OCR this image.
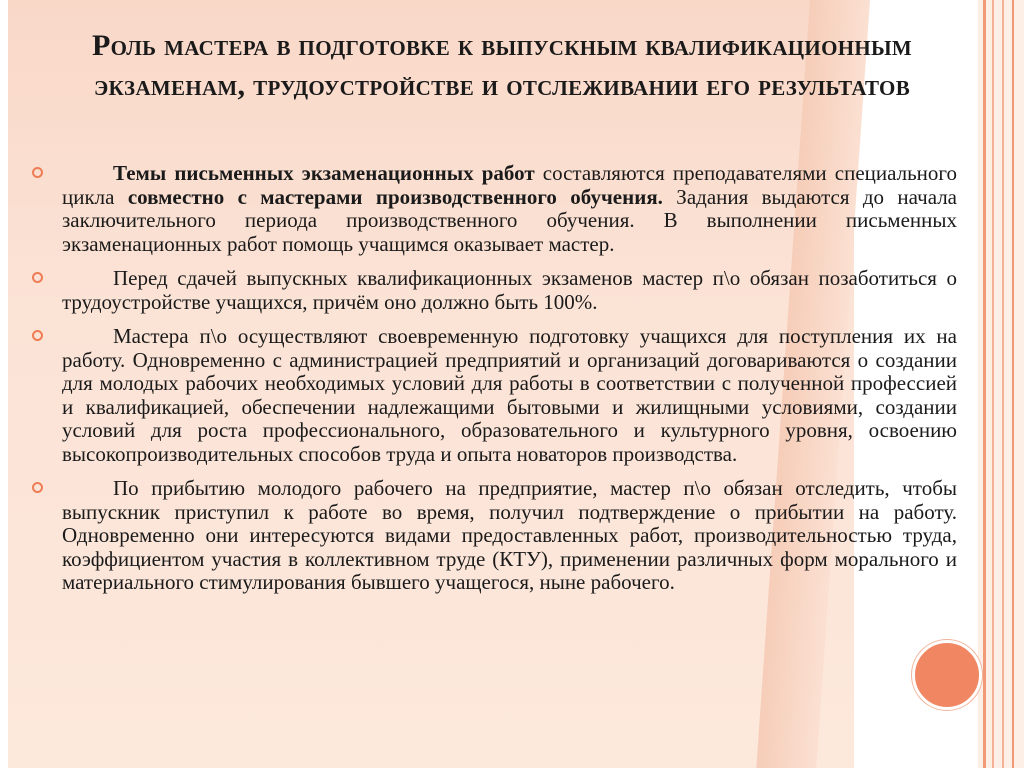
Роль мастера в подготовке к выпускным квалификационным экзаменам, трудоустройстве и отслеживании его результатов

Темы письменных экзаменационных работ составляются преподавателями специального цикла совместно с мастерами производственного обучения. Задания выдаются до начала заключительного периода производственного обучения. В выполнении письменных экзаменационных работ помощь учащимся оказывает мастер.

Перед сдачей выпускных квалификационных экзаменов мастер п\о обязан позаботиться о трудоустройстве учащихся, причём оно должно быть 100%.

Мастера п\о осуществляют своевременную подготовку учащихся для поступления их на работу. Одновременно с администрацией предприятий и организаций договариваются о создании для молодых рабочих необходимых условий для работы в соответствии с полученной профессией и квалификацией, обеспечении надлежащими бытовыми и жилищными условиями, создании условий для роста профессионального, образовательного и культурного уровня, освоению высокопроизводительных способов труда и опыта новаторов производства.

По прибытию молодого рабочего на предприятие, мастер п\о обязан отследить, чтобы выпускник приступил к работе во время, получил подтверждение о прибытии на работу. Одновременно они интересуются видами предоставленных работ, производительностью труда, коэффициентом участия в коллективном труде (КТУ), применении различных форм морального и материального стимулирования бывшего учащегося, ныне рабочего.
